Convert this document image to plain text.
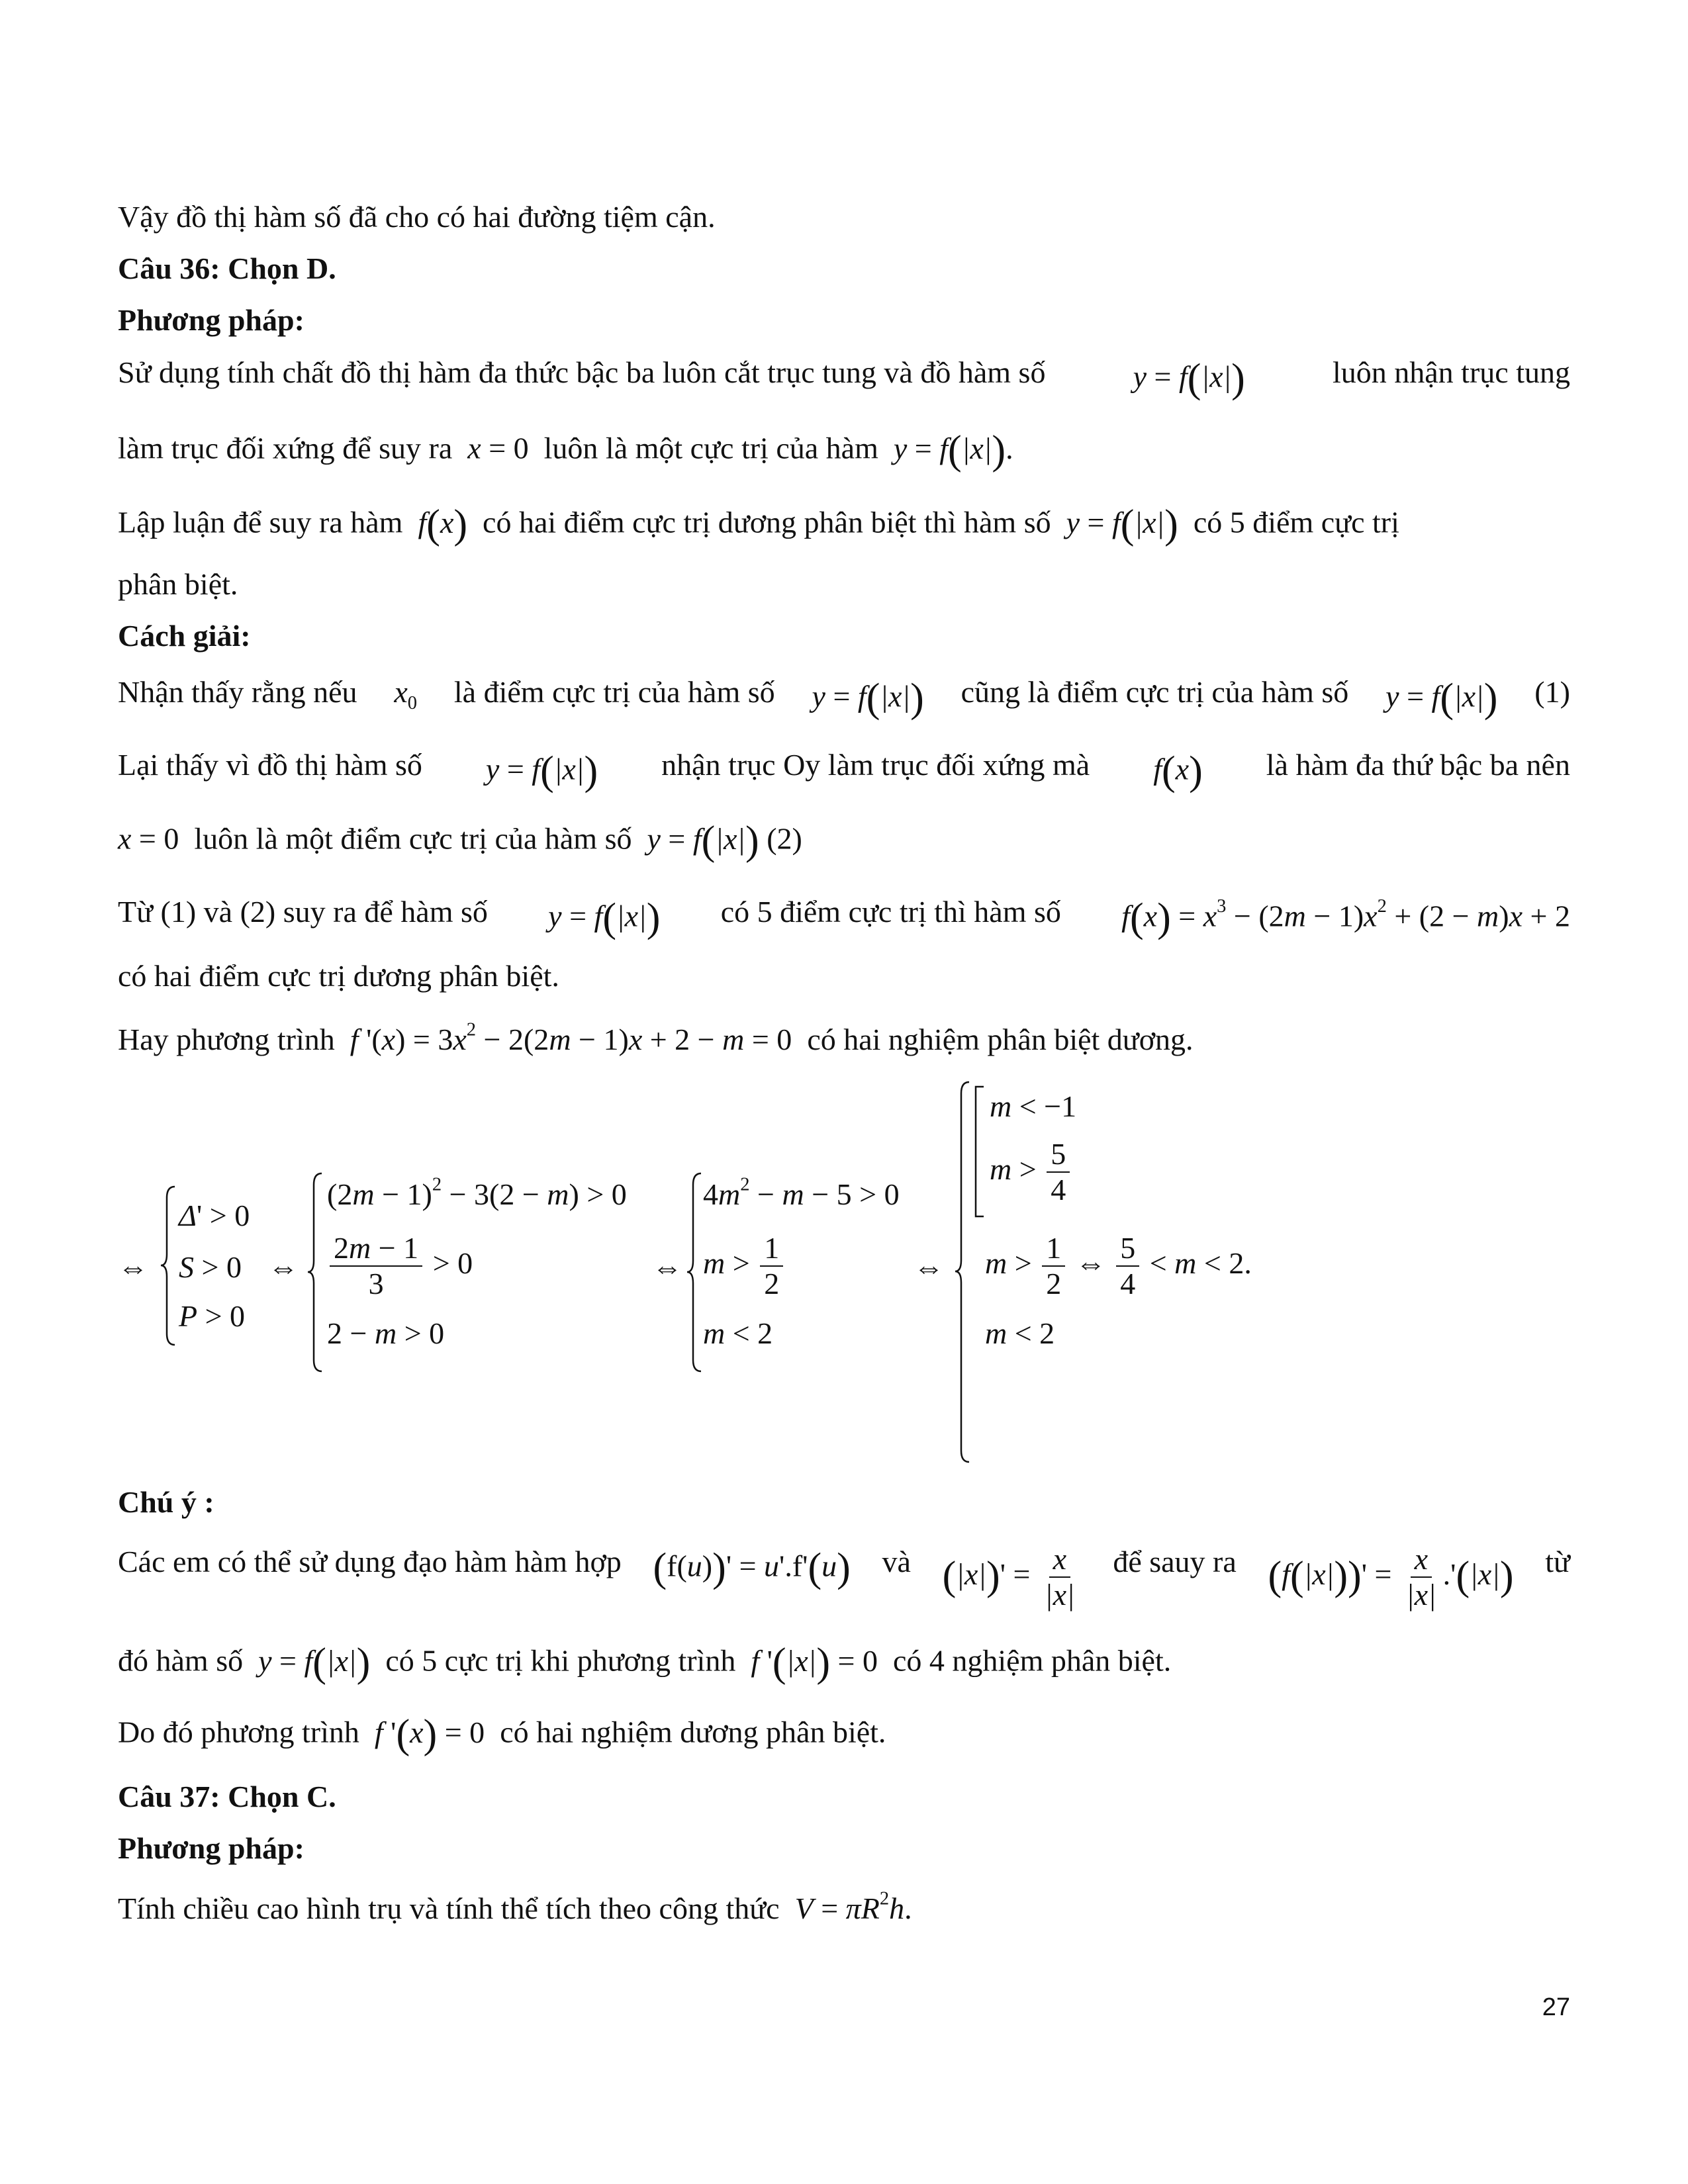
Vậy đồ thị hàm số đã cho có hai đường tiệm cận.
Câu 36: Chọn D.
Phương pháp:
Sử dụng tính chất đồ thị hàm đa thức bậc ba luôn cắt trục tung và đồ hàm số	y = f(|x|)	luôn nhận trục tung
làm trục đối xứng để suy ra x = 0 luôn là một cực trị của hàm y = f(|x|).
Lập luận để suy ra hàm f(x) có hai điểm cực trị dương phân biệt thì hàm số y = f(|x|) có 5 điểm cực trị
phân biệt.
Cách giải:
Nhận thấy rằng nếu $x_0$ là điểm cực trị của hàm số y = f(|x|) cũng là điểm cực trị của hàm số y = f(|x|) (1)
Lại thấy vì đồ thị hàm số y = f(|x|) nhận trục Oy làm trục đối xứng mà f(x) là hàm đa thứ bậc ba nên
x = 0 luôn là một điểm cực trị của hàm số y = f(|x|) (2)
Từ (1) và (2) suy ra để hàm số y = f(|x|) có 5 điểm cực trị thì hàm số $f(x) = x^3 - (2m - 1)x^2 + (2 - m)x + 2$
có hai điểm cực trị dương phân biệt.
Hay phương trình f '$(x) = 3x^2 - 2(2m - 1)x + 2 - m = 0$ có hai nghiệm phân biệt dương.
⇔	⇔	⇔	⇔
Δ' > 0
S > 0
P > 0
$(2m - 1)^2 - 3(2 - m) > 0$
$\frac{2m - 1}{3} > 0$
2 − m > 0
$4m^2 - m - 5 > 0$
$m > \frac{1}{2}$
m < 2
m < −1
$m > \frac{5}{4}$
$m > \frac{1}{2}$ ⇔ $\frac{5}{4} < m < 2$.
m < 2
Chú ý :
Các em có thể sử dụng đạo hàm hàm hợp (f(u))' = u'.f'(u) và $(|x|)' = \frac{x}{|x|}$ để sauy ra $(f(|x|))' = \frac{x}{|x|} .'(|x|)$ từ
đó hàm số y = f(|x|) có 5 cực trị khi phương trình f '(|x|) = 0 có 4 nghiệm phân biệt.
Do đó phương trình f '(x) = 0 có hai nghiệm dương phân biệt.
Câu 37: Chọn C.
Phương pháp:
Tính chiều cao hình trụ và tính thể tích theo công thức $V = \pi R^2h$.
27
